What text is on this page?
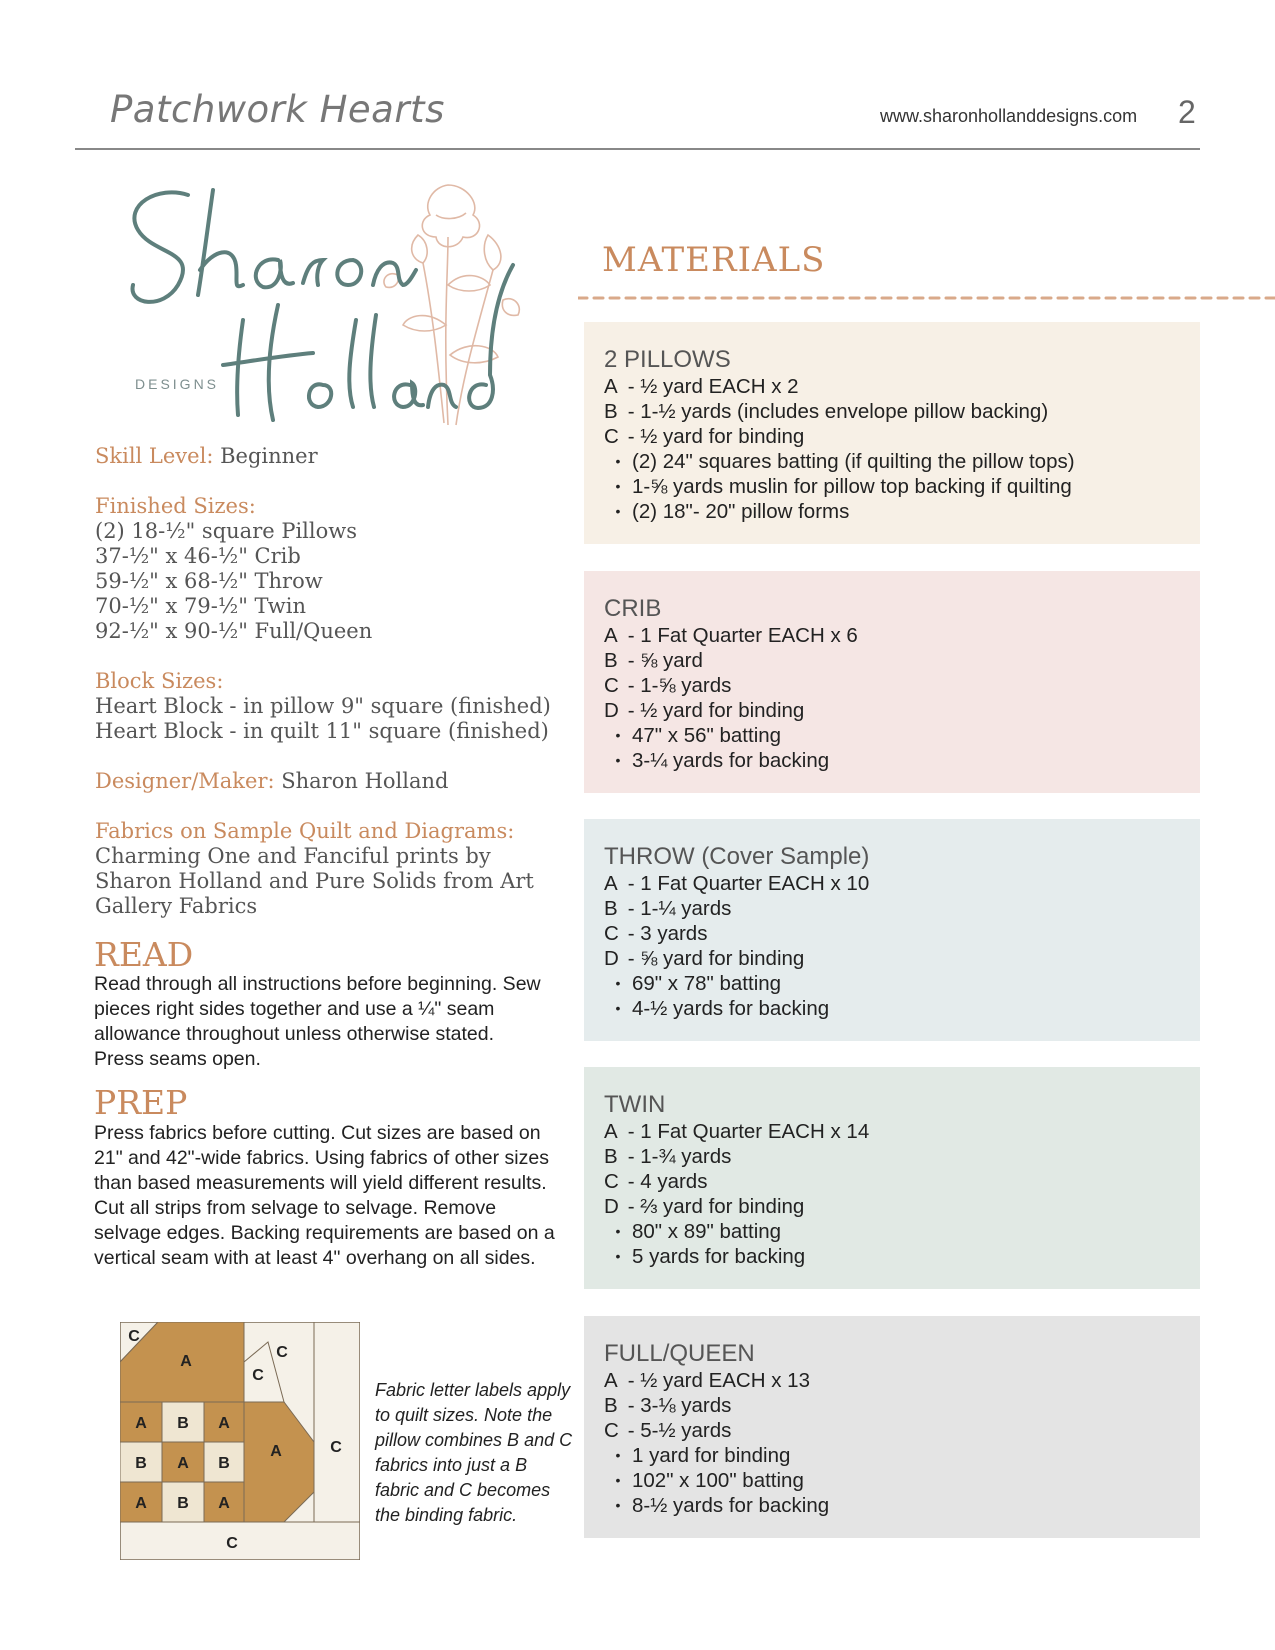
Patchwork Hearts	www.sharonhollanddesigns.com 2
DESIGNS
Skill Level: Beginner
Finished Sizes:
(2) 18-½" square Pillows
37-½" x 46-½" Crib
59-½" x 68-½" Throw
70-½" x 79-½" Twin
92-½" x 90-½" Full/Queen
Block Sizes:
Heart Block - in pillow 9" square (finished)
Heart Block - in quilt 11" square (finished)
Designer/Maker: Sharon Holland
Fabrics on Sample Quilt and Diagrams:
Charming One and Fanciful prints by Sharon Holland and Pure Solids from Art Gallery Fabrics
READ
Read through all instructions before beginning. Sew pieces right sides together and use a ¼" seam allowance throughout unless otherwise stated. Press seams open.
PREP
Press fabrics before cutting. Cut sizes are based on 21" and 42"-wide fabrics. Using fabrics of other sizes than based measurements will yield different results. Cut all strips from selvage to selvage. Remove selvage edges. Backing requirements are based on a vertical seam with at least 4" overhang on all sides.
C
A
C
C
A B A
B A B
A B A
A	C
C
Fabric letter labels apply to quilt sizes. Note the pillow combines B and C fabrics into just a B fabric and C becomes the binding fabric.
MATERIALS
2 PILLOWS
A - ½ yard EACH x 2
B - 1-½ yards (includes envelope pillow backing)
C - ½ yard for binding
• (2) 24" squares batting (if quilting the pillow tops)
• 1-⅝ yards muslin for pillow top backing if quilting
• (2) 18"- 20" pillow forms
CRIB
A - 1 Fat Quarter EACH x 6
B - ⅝ yard
C - 1-⅝ yards
D - ½ yard for binding
• 47" x 56" batting
• 3-¼ yards for backing
THROW (Cover Sample)
A - 1 Fat Quarter EACH x 10
B - 1-¼ yards
C - 3 yards
D - ⅝ yard for binding
• 69" x 78" batting
• 4-½ yards for backing
TWIN
A - 1 Fat Quarter EACH x 14
B - 1-¾ yards
C - 4 yards
D - ⅔ yard for binding
• 80" x 89" batting
• 5 yards for backing
FULL/QUEEN
A - ½ yard EACH x 13
B - 3-⅛ yards
C - 5-½ yards
• 1 yard for binding
• 102" x 100" batting
• 8-½ yards for backing
